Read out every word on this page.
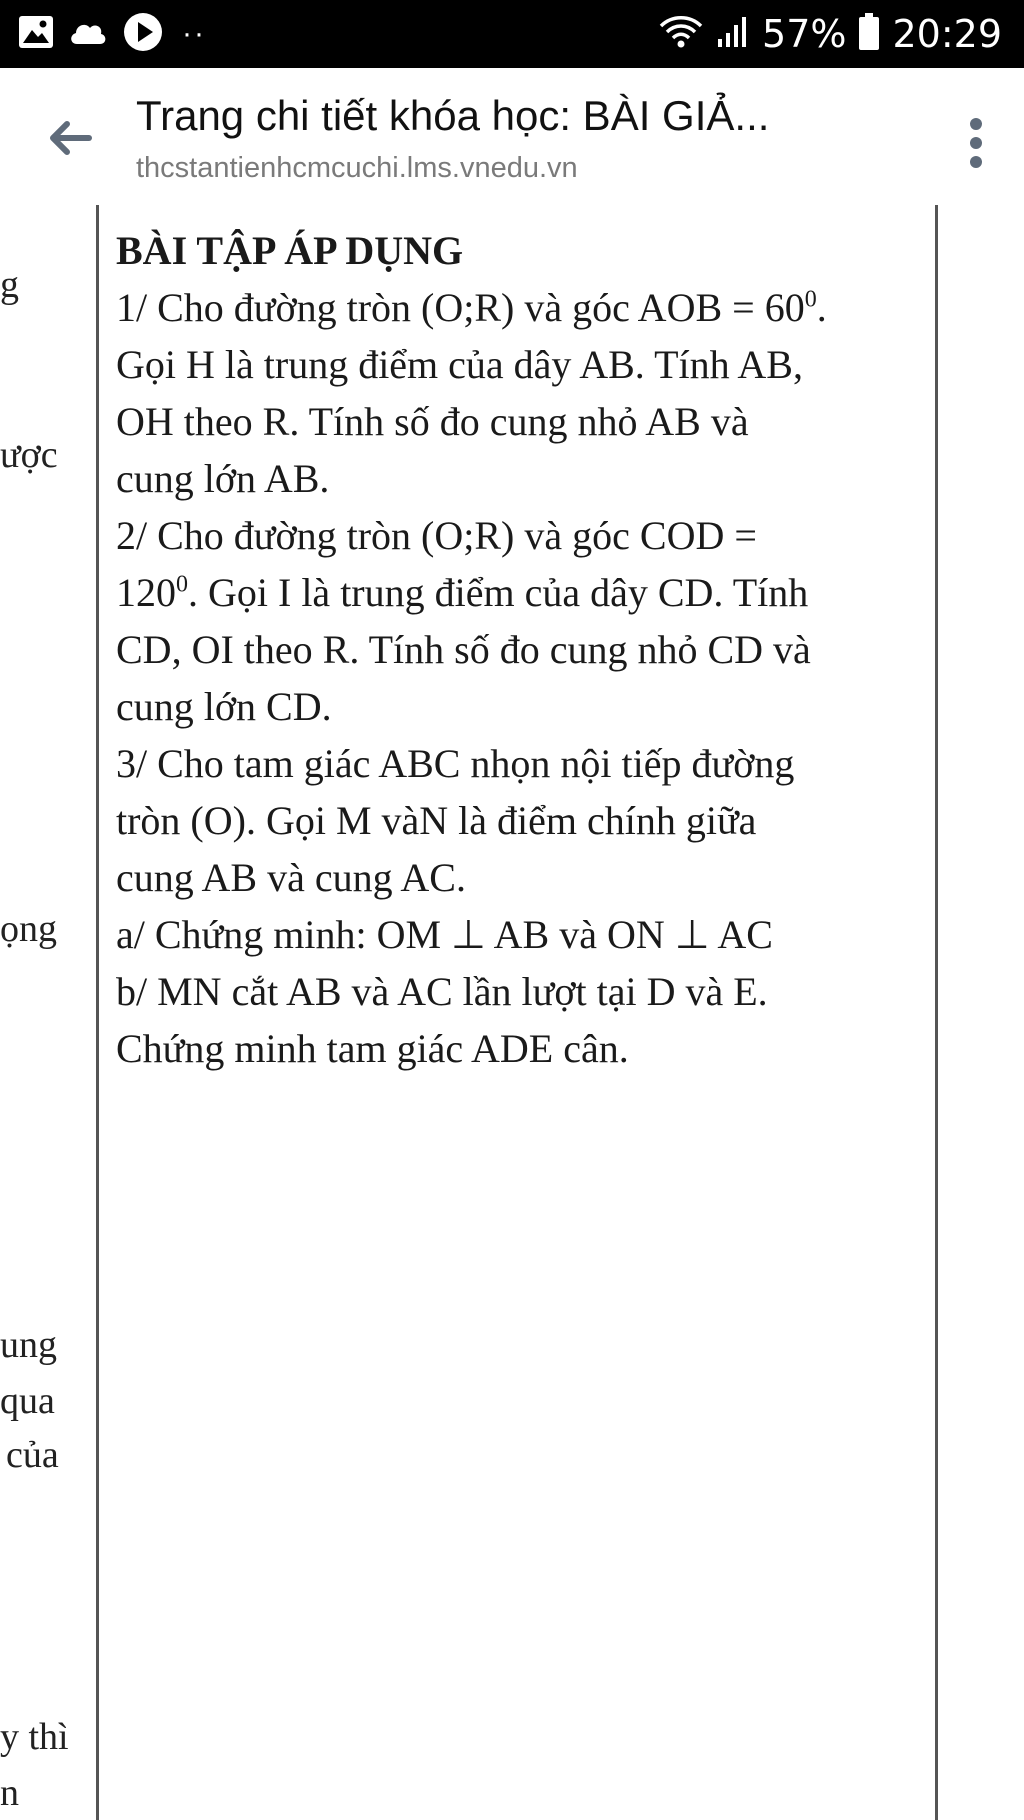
··	57% 20:29
Trang chi tiết khóa học: BÀI GIẢ...
thcstantienhcmcuchi.lms.vnedu.vn
g
ược
ọng
ung
qua
của
y thì
n
BÀI TẬP ÁP DỤNG
1/ Cho đường tròn (O;R) và góc AOB = $60^0$.
Gọi H là trung điểm của dây AB. Tính AB,
OH theo R. Tính số đo cung nhỏ AB và
cung lớn AB.
2/ Cho đường tròn (O;R) và góc COD =
$120^0$. Gọi I là trung điểm của dây CD. Tính
CD, OI theo R. Tính số đo cung nhỏ CD và
cung lớn CD.
3/ Cho tam giác ABC nhọn nội tiếp đường
tròn (O). Gọi M vàN là điểm chính giữa
cung AB và cung AC.
a/ Chứng minh: OM ⊥ AB và ON ⊥ AC
b/ MN cắt AB và AC lần lượt tại D và E.
Chứng minh tam giác ADE cân.
